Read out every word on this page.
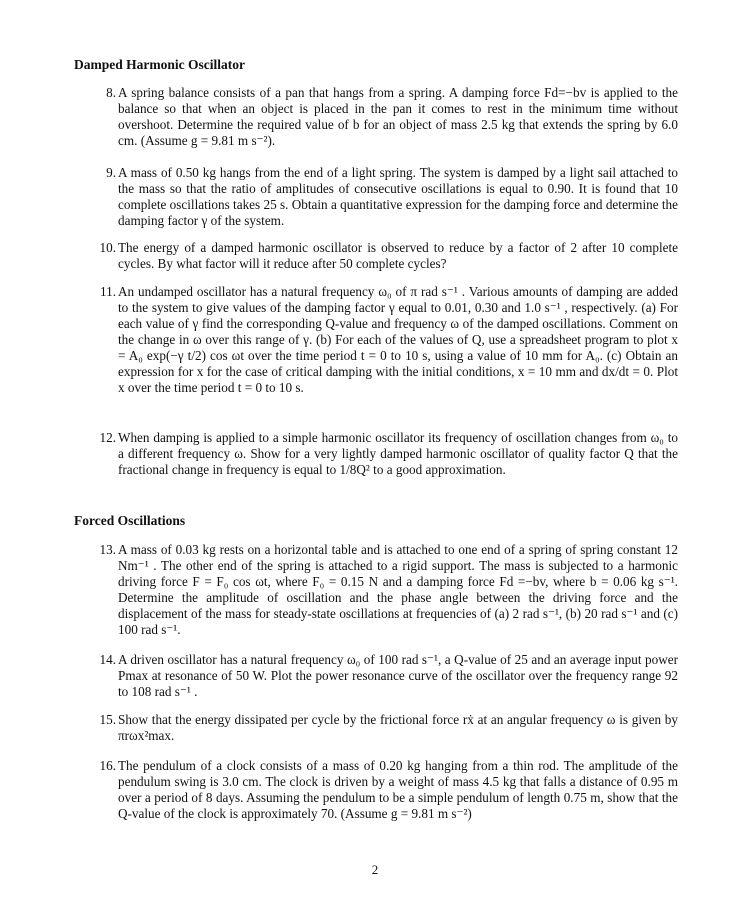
Damped Harmonic Oscillator
8. A spring balance consists of a pan that hangs from a spring. A damping force Fd=−bv is applied to the balance so that when an object is placed in the pan it comes to rest in the minimum time without overshoot. Determine the required value of b for an object of mass 2.5 kg that extends the spring by 6.0 cm. (Assume g = 9.81 m s⁻²).
9. A mass of 0.50 kg hangs from the end of a light spring. The system is damped by a light sail attached to the mass so that the ratio of amplitudes of consecutive oscillations is equal to 0.90. It is found that 10 complete oscillations takes 25 s. Obtain a quantitative expression for the damping force and determine the damping factor γ of the system.
10. The energy of a damped harmonic oscillator is observed to reduce by a factor of 2 after 10 complete cycles. By what factor will it reduce after 50 complete cycles?
11. An undamped oscillator has a natural frequency ω₀ of π rad s⁻¹ . Various amounts of damping are added to the system to give values of the damping factor γ equal to 0.01, 0.30 and 1.0 s⁻¹ , respectively. (a) For each value of γ find the corresponding Q-value and frequency ω of the damped oscillations. Comment on the change in ω over this range of γ. (b) For each of the values of Q, use a spreadsheet program to plot x = A₀ exp(−γ t/2) cos ωt over the time period t = 0 to 10 s, using a value of 10 mm for A₀. (c) Obtain an expression for x for the case of critical damping with the initial conditions, x = 10 mm and dx/dt = 0. Plot x over the time period t = 0 to 10 s.
12. When damping is applied to a simple harmonic oscillator its frequency of oscillation changes from ω₀ to a different frequency ω. Show for a very lightly damped harmonic oscillator of quality factor Q that the fractional change in frequency is equal to 1/8Q² to a good approximation.
Forced Oscillations
13. A mass of 0.03 kg rests on a horizontal table and is attached to one end of a spring of spring constant 12 Nm⁻¹ . The other end of the spring is attached to a rigid support. The mass is subjected to a harmonic driving force F = F₀ cos ωt, where F₀ = 0.15 N and a damping force Fd =−bv, where b = 0.06 kg s⁻¹. Determine the amplitude of oscillation and the phase angle between the driving force and the displacement of the mass for steady-state oscillations at frequencies of (a) 2 rad s⁻¹, (b) 20 rad s⁻¹ and (c) 100 rad s⁻¹.
14. A driven oscillator has a natural frequency ω₀ of 100 rad s⁻¹, a Q-value of 25 and an average input power Pmax at resonance of 50 W. Plot the power resonance curve of the oscillator over the frequency range 92 to 108 rad s⁻¹ .
15. Show that the energy dissipated per cycle by the frictional force rẋ at an angular frequency ω is given by πrωx²max.
16. The pendulum of a clock consists of a mass of 0.20 kg hanging from a thin rod. The amplitude of the pendulum swing is 3.0 cm. The clock is driven by a weight of mass 4.5 kg that falls a distance of 0.95 m over a period of 8 days. Assuming the pendulum to be a simple pendulum of length 0.75 m, show that the Q-value of the clock is approximately 70. (Assume g = 9.81 m s⁻²)
2
